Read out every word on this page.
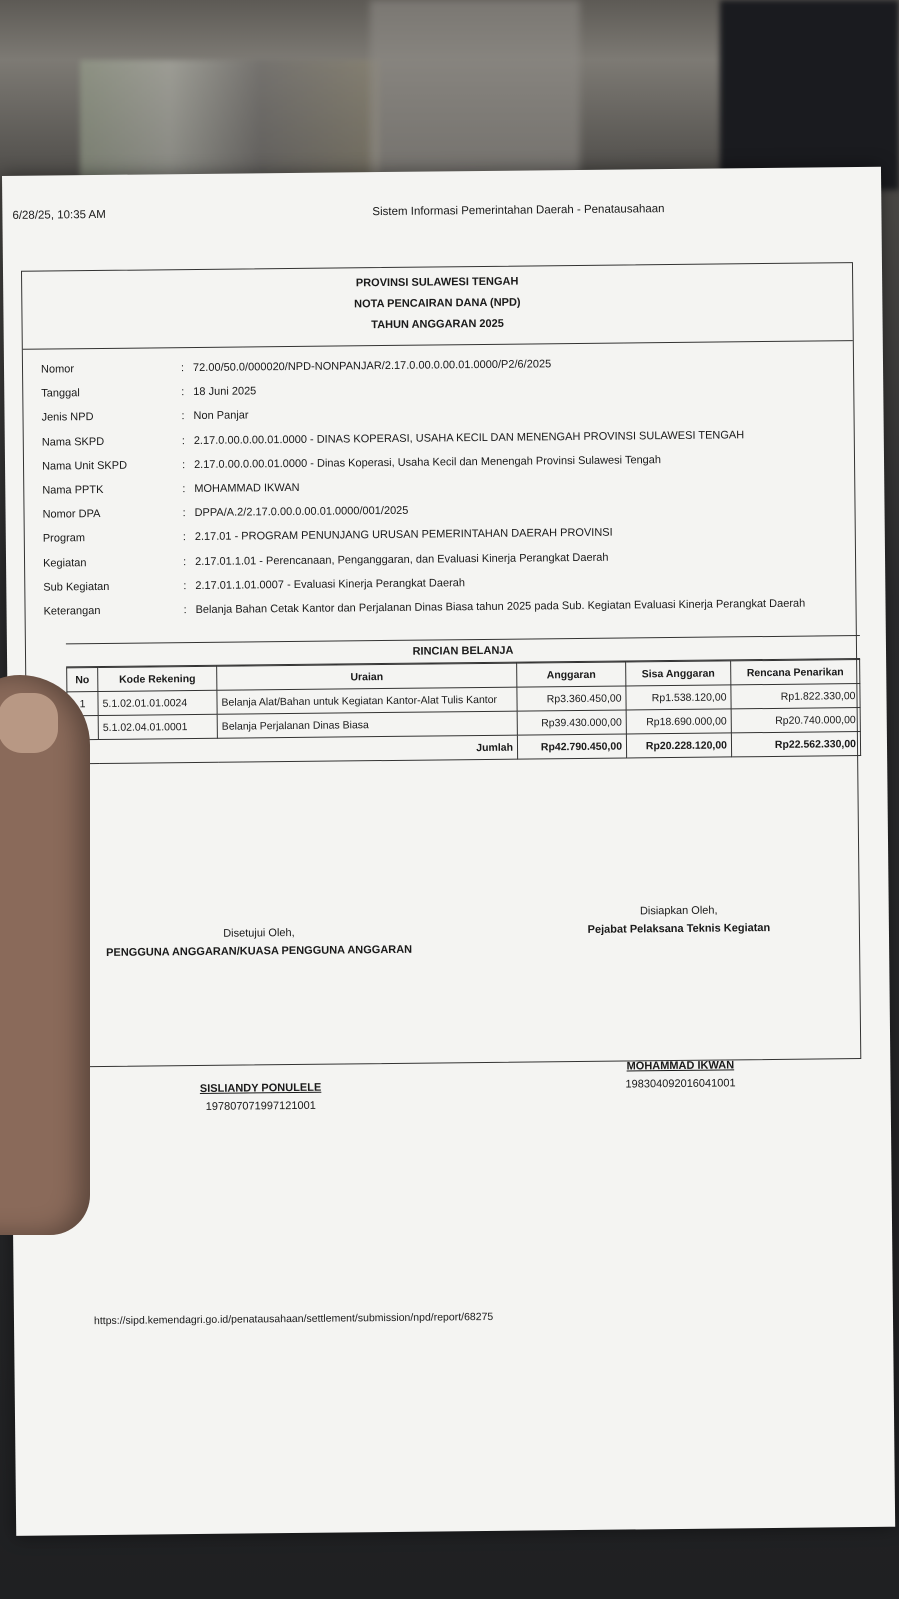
6/28/25, 10:35 AM	Sistem Informasi Pemerintahan Daerah - Penatausahaan
PROVINSI SULAWESI TENGAH
NOTA PENCAIRAN DANA (NPD)
TAHUN ANGGARAN 2025
Nomor	: 72.00/50.0/000020/NPD-NONPANJAR/2.17.0.00.0.00.01.0000/P2/6/2025
Tanggal	: 18 Juni 2025
Jenis NPD	: Non Panjar
Nama SKPD	: 2.17.0.00.0.00.01.0000 - DINAS KOPERASI, USAHA KECIL DAN MENENGAH PROVINSI SULAWESI TENGAH
Nama Unit SKPD	: 2.17.0.00.0.00.01.0000 - Dinas Koperasi, Usaha Kecil dan Menengah Provinsi Sulawesi Tengah
Nama PPTK	: MOHAMMAD IKWAN
Nomor DPA	: DPPA/A.2/2.17.0.00.0.00.01.0000/001/2025
Program	: 2.17.01 - PROGRAM PENUNJANG URUSAN PEMERINTAHAN DAERAH PROVINSI
Kegiatan	: 2.17.01.1.01 - Perencanaan, Penganggaran, dan Evaluasi Kinerja Perangkat Daerah
Sub Kegiatan	: 2.17.01.1.01.0007 - Evaluasi Kinerja Perangkat Daerah
Keterangan	: Belanja Bahan Cetak Kantor dan Perjalanan Dinas Biasa tahun 2025 pada Sub. Kegiatan Evaluasi Kinerja Perangkat Daerah
RINCIAN BELANJA
No	Kode Rekening	Uraian	Anggaran	Sisa Anggaran	Rencana Penarikan
1	5.1.02.01.01.0024	Belanja Alat/Bahan untuk Kegiatan Kantor-Alat Tulis Kantor	Rp3.360.450,00	Rp1.538.120,00	Rp1.822.330,00
	5.1.02.04.01.0001	Belanja Perjalanan Dinas Biasa	Rp39.430.000,00	Rp18.690.000,00	Rp20.740.000,00
Jumlah			Rp42.790.450,00	Rp20.228.120,00	Rp22.562.330,00
Disetujui Oleh,
PENGGUNA ANGGARAN/KUASA PENGGUNA ANGGARAN
SISLIANDY PONULELE
197807071997121001
Disiapkan Oleh,
Pejabat Pelaksana Teknis Kegiatan
MOHAMMAD IKWAN
198304092016041001
https://sipd.kemendagri.go.id/penatausahaan/settlement/submission/npd/report/68275
